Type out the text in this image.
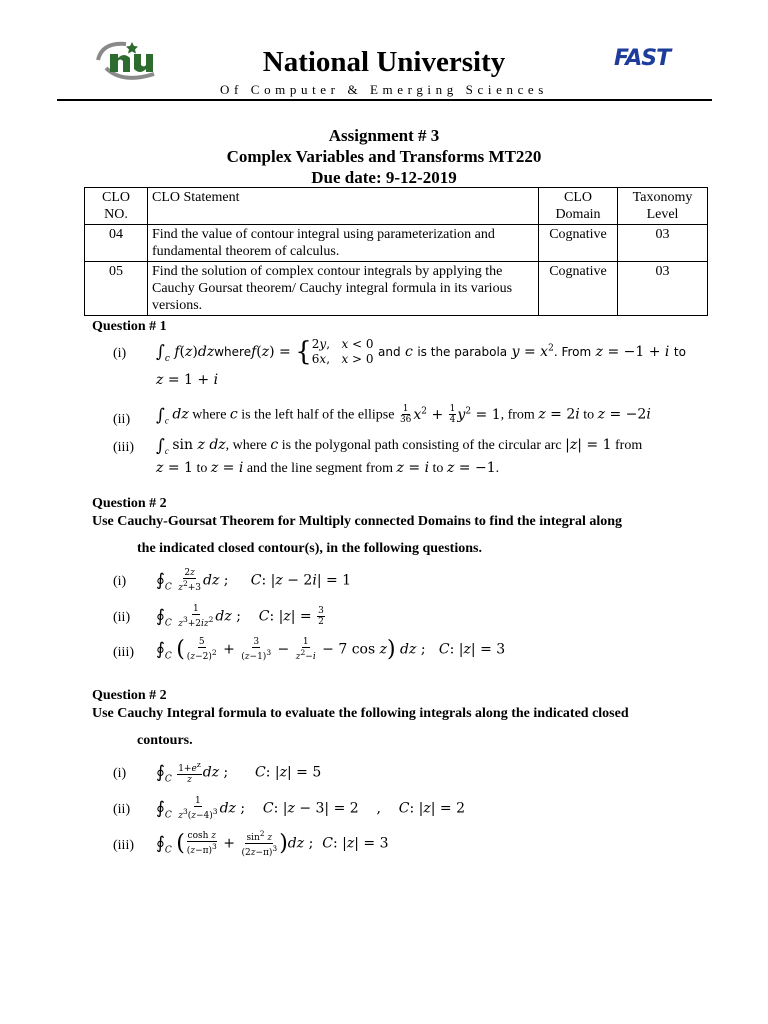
National University
Of Computer & Emerging Sciences
FAST
Assignment # 3
Complex Variables and Transforms MT220
Due date: 9-12-2019
CLO NO.	CLO Statement	CLO Domain	Taxonomy Level
04	Find the value of contour integral using parameterization and fundamental theorem of calculus.	Cognative	03
05	Find the solution of complex contour integrals by applying the Cauchy Goursat theorem/ Cauchy integral formula in its various versions.	Cognative	03
Question # 1
(i) $\int_c$ f(z)dzwheref(z) = {2y,   x < 0
6x,   x > 0 and c is the parabola $y = x^2$. From z = −1 + i to
z = 1 + i
(ii) $\int_c$ dz where c is the left half of the ellipse $\frac{1}{36} x^2 + \frac{1}{4} y^2 = 1$, from z = 2i to z = −2i
(iii) $\int_c$ sin z dz, where c is the polygonal path consisting of the circular arc |z| = 1 from
z = 1 to z = i and the line segment from z = i to z = −1.
Question # 2
Use Cauchy-Goursat Theorem for Multiply connected Domains to find the integral along
the indicated closed contour(s), in the following questions.
(i) $∮_C \frac{2z}{z^2+3}$ dz ;     C: |z − 2i| = 1
(ii) $∮_C \frac{1}{z^3+2iz^2}$ dz ;    C: $|z| = \frac{3}{2}$
(iii) $∮_C$ ( $\frac{5}{(z-2)^2} + \frac{3}{(z-1)^3} - \frac{1}{z^2-i} - 7$ cos z) dz ;   C: |z| = 3
Question # 2
Use Cauchy Integral formula to evaluate the following integrals along the indicated closed
contours.
(i) $∮_C \frac{1+e^z}{z}$ dz ;      C: |z| = 5
(ii) $∮_C \frac{1}{z^3(z-4)^3}$ dz ;    C: |z − 3| = 2    ,    C: |z| = 2
(iii) $∮_C$ ( $\frac{\text{cosh z}}{(z-\pi)^3} + \frac{\sin^2 z}{(2z-\pi)^3} )dz$ ;  C: |z| = 3
